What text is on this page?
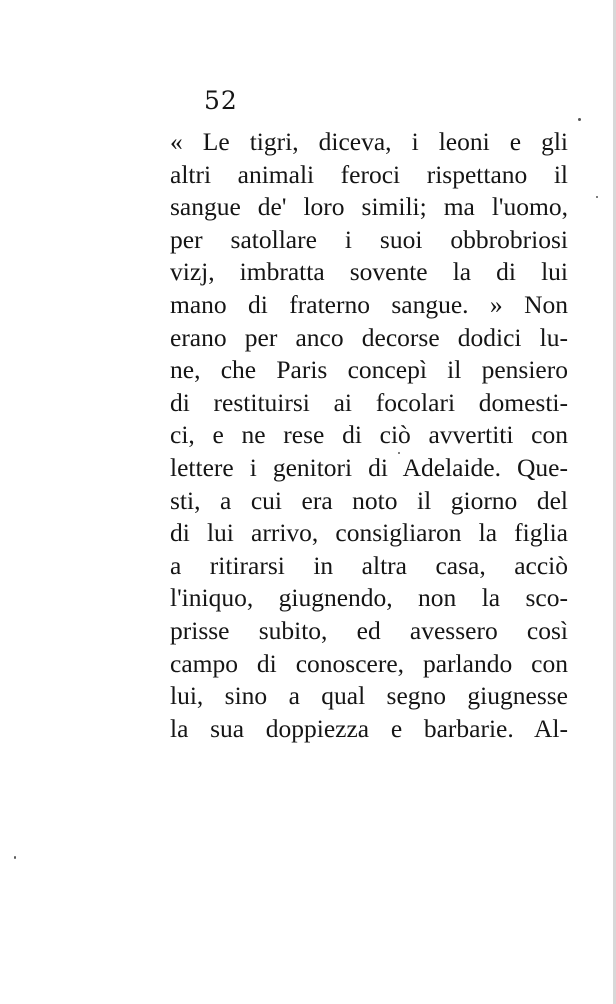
52
« Le tigri, diceva, i leoni e gli
altri animali feroci rispettano il
sangue de' loro simili; ma l'uomo,
per satollare i suoi obbrobriosi
vizj, imbratta sovente la di lui
mano di fraterno sangue. » Non
erano per anco decorse dodici lu-
ne, che Paris concepì il pensiero
di restituirsi ai focolari domesti-
ci, e ne rese di ciò avvertiti con
lettere i genitori di Adelaide. Que-
sti, a cui era noto il giorno del
di lui arrivo, consigliaron la figlia
a ritirarsi in altra casa, acciò
l'iniquo, giugnendo, non la sco-
prisse subito, ed avessero così
campo di conoscere, parlando con
lui, sino a qual segno giugnesse
la sua doppiezza e barbarie. Al-
